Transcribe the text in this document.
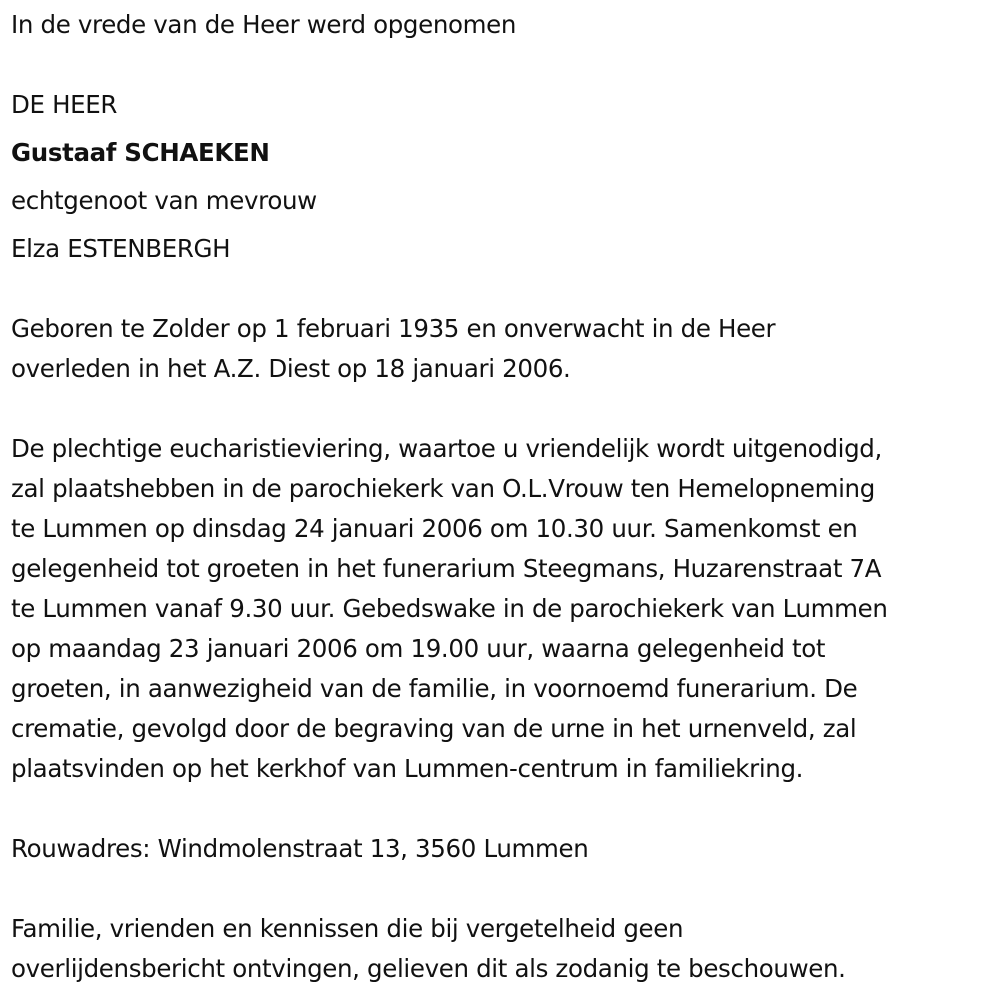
In de vrede van de Heer werd opgenomen
DE HEER
Gustaaf SCHAEKEN
echtgenoot van mevrouw
Elza ESTENBERGH
Geboren te Zolder op 1 februari 1935 en onverwacht in de Heer
overleden in het A.Z. Diest op 18 januari 2006.
De plechtige eucharistieviering, waartoe u vriendelijk wordt uitgenodigd,
zal plaatshebben in de parochiekerk van O.L.Vrouw ten Hemelopneming
te Lummen op dinsdag 24 januari 2006 om 10.30 uur. Samenkomst en
gelegenheid tot groeten in het funerarium Steegmans, Huzarenstraat 7A
te Lummen vanaf 9.30 uur. Gebedswake in de parochiekerk van Lummen
op maandag 23 januari 2006 om 19.00 uur, waarna gelegenheid tot
groeten, in aanwezigheid van de familie, in voornoemd funerarium. De
crematie, gevolgd door de begraving van de urne in het urnenveld, zal
plaatsvinden op het kerkhof van Lummen-centrum in familiekring.
Rouwadres: Windmolenstraat 13, 3560 Lummen
Familie, vrienden en kennissen die bij vergetelheid geen
overlijdensbericht ontvingen, gelieven dit als zodanig te beschouwen.
